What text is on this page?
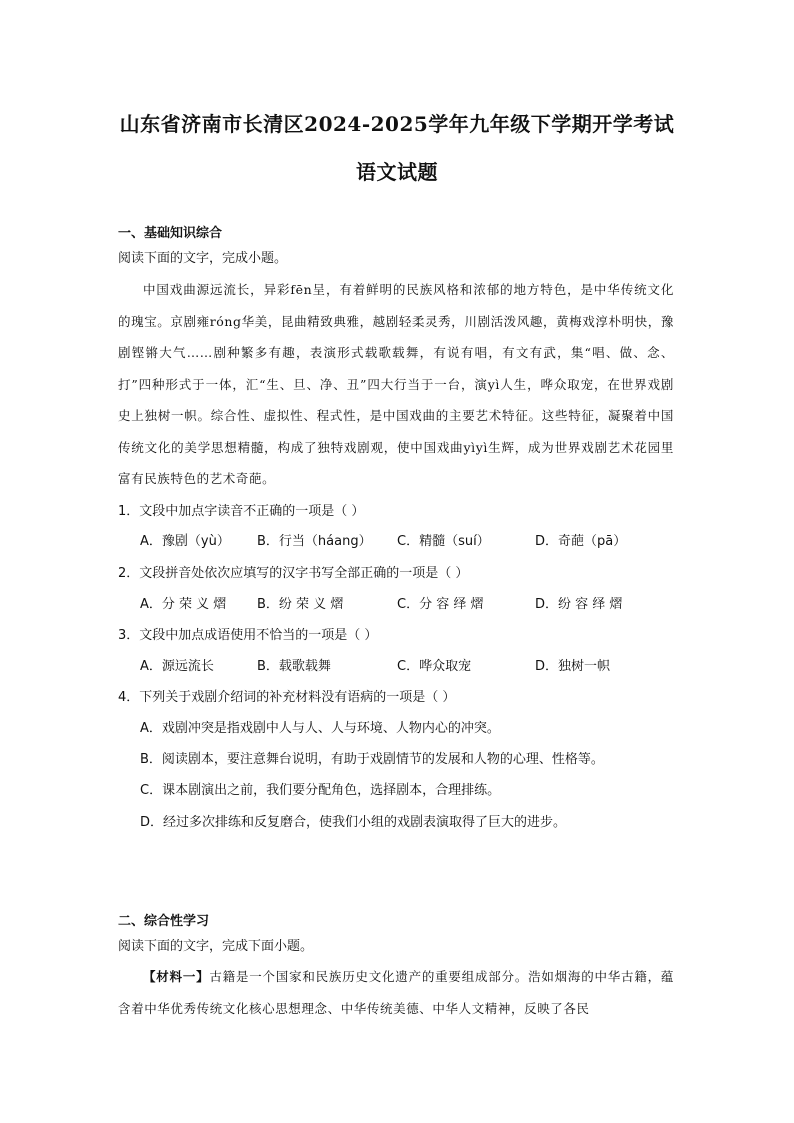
山东省济南市长清区2024-2025学年九年级下学期开学考试语文试题
一、基础知识综合
阅读下面的文字，完成小题。

中国戏曲源远流长，异彩fēn呈，有着鲜明的民族风格和浓郁的地方特色，是中华传统文化的瑰宝。京剧雍róng华美，昆曲精致典雅，越剧轻柔灵秀，川剧活泼风趣，黄梅戏淳朴明快，豫剧铿锵大气……剧种繁多有趣，表演形式载歌载舞，有说有唱，有文有武，集“唱、做、念、打”四种形式于一体，汇“生、旦、净、丑”四大行当于一台，演yì人生，哗众取宠，在世界戏剧史上独树一帜。综合性、虚拟性、程式性，是中国戏曲的主要艺术特征。这些特征，凝聚着中国传统文化的美学思想精髓，构成了独特戏剧观，使中国戏曲yìyì生辉，成为世界戏剧艺术花园里富有民族特色的艺术奇葩。

1．文段中加点字读音不正确的一项是（ ）
A．豫剧（yù） B．行当（háang） C．精髓（suí）	D．奇葩（pā）
2．文段拼音处依次应填写的汉字书写全部正确的一项是（ ）
A．分 荣 义 熠 B．纷 荣 义 熠	C．分 容 绎 熠	D．纷 容 绎 熠
3．文段中加点成语使用不恰当的一项是（ ）
A．源远流长	B．载歌载舞	C．哗众取宠	D．独树一帜
4．下列关于戏剧介绍词的补充材料没有语病的一项是（ ）
A．戏剧冲突是指戏剧中人与人、人与环境、人物内心的冲突。
B．阅读剧本，要注意舞台说明，有助于戏剧情节的发展和人物的心理、性格等。
C．课本剧演出之前，我们要分配角色，选择剧本，合理排练。
D．经过多次排练和反复磨合，使我们小组的戏剧表演取得了巨大的进步。
二、综合性学习
阅读下面的文字，完成下面小题。

【材料一】古籍是一个国家和民族历史文化遗产的重要组成部分。浩如烟海的中华古籍，蕴含着中华优秀传统文化核心思想理念、中华传统美德、中华人文精神，反映了各民
